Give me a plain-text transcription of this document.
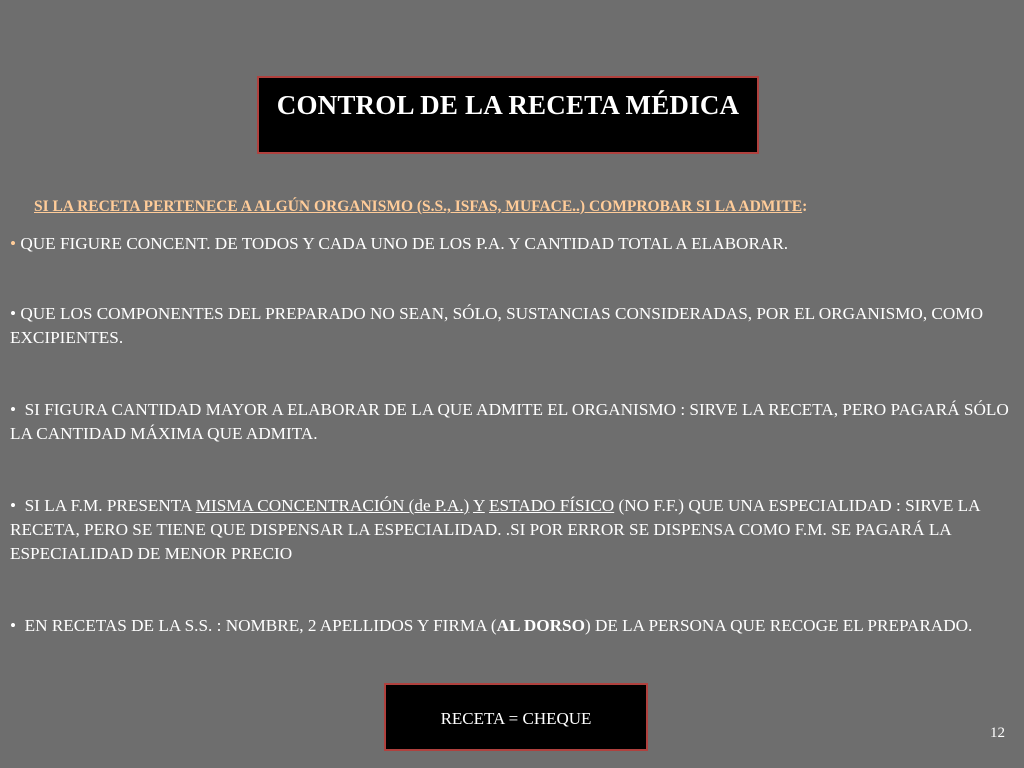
CONTROL DE LA RECETA MÉDICA
SI LA RECETA PERTENECE A ALGÚN ORGANISMO (S.S., ISFAS, MUFACE..) COMPROBAR SI LA ADMITE:
• QUE FIGURE CONCENT. DE TODOS Y CADA UNO DE LOS P.A. Y CANTIDAD TOTAL A ELABORAR.
• QUE LOS COMPONENTES DEL PREPARADO NO SEAN, SÓLO, SUSTANCIAS CONSIDERADAS, POR EL ORGANISMO, COMO EXCIPIENTES.
• SI FIGURA CANTIDAD MAYOR A ELABORAR DE LA QUE ADMITE EL ORGANISMO : SIRVE LA RECETA, PERO PAGARÁ SÓLO LA CANTIDAD MÁXIMA QUE ADMITA.
• SI LA F.M. PRESENTA MISMA CONCENTRACIÓN (de P.A.) Y ESTADO FÍSICO (NO F.F.) QUE UNA ESPECIALIDAD : SIRVE LA RECETA, PERO SE TIENE QUE DISPENSAR LA ESPECIALIDAD. .SI POR ERROR SE DISPENSA COMO F.M. SE PAGARÁ LA ESPECIALIDAD DE MENOR PRECIO
• EN RECETAS DE LA S.S. : NOMBRE, 2 APELLIDOS Y FIRMA (AL DORSO) DE LA PERSONA QUE RECOGE EL PREPARADO.
RECETA = CHEQUE
12
